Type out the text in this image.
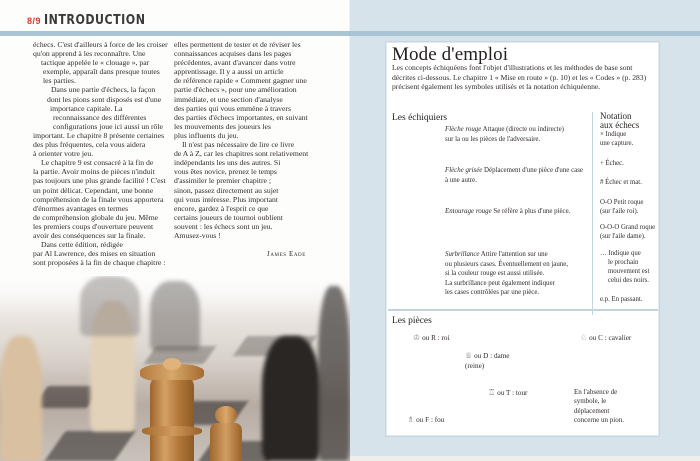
8/9 INTRODUCTION
échecs. C'est d'ailleurs à force de les croiser
qu'on apprend à les reconnaître. Une
tactique appelée le « clouage », par
exemple, apparaît dans presque toutes
les parties.
Dans une partie d'échecs, la façon
dont les pions sont disposés est d'une
importance capitale. La
reconnaissance des différentes
configurations joue ici aussi un rôle
important. Le chapitre 8 présente certaines
des plus fréquentes, cela vous aidera
à orienter votre jeu.
Le chapitre 9 est consacré à la fin de
la partie. Avoir moins de pièces n'induit
pas toujours une plus grande facilité ! C'est
un point délicat. Cependant, une bonne
compréhension de la finale vous apportera
d'énormes avantages en termes
de compréhension globale du jeu. Même
les premiers coups d'ouverture peuvent
avoir des conséquences sur la finale.
Dans cette édition, rédigée
par Al Lawrence, des mises en situation
sont proposées à la fin de chaque chapitre :
elles permettent de tester et de réviser les
connaissances acquises dans les pages
précédentes, avant d'avancer dans votre
apprentissage. Il y a aussi un article
de référence rapide « Comment gagner une
partie d'échecs », pour une amélioration
immédiate, et une section d'analyse
des parties qui vous emmène à travers
des parties d'échecs importantes, en suivant
les mouvements des joueurs les
plus influents du jeu.
Il n'est pas nécessaire de lire ce livre
de A à Z, car les chapitres sont relativement
indépendants les uns des autres. Si
vous êtes novice, prenez le temps
d'assimiler le premier chapitre ;
sinon, passez directement au sujet
qui vous intéresse. Plus important
encore, gardez à l'esprit ce que
certains joueurs de tournoi oublient
souvent : les échecs sont un jeu.
Amusez-vous !
James Eade
Mode d'emploi
Les concepts échiquéens font l'objet d'illustrations et les méthodes de base sont
décrites ci-dessous. Le chapitre 1 « Mise en route » (p. 10) et les « Codes » (p. 283)
précisent également les symboles utilisés et la notation échiquéenne.
Les échiquiers
Flèche rouge Attaque (directe ou indirecte)
sur la ou les pièces de l'adversaire.
Flèche grisée Déplacement d'une pièce d'une case
à une autre.
Entourage rouge Se réfère à plus d'une pièce.
Surbrillance Attire l'attention sur une
ou plusieurs cases. Éventuellement en jaune,
si la couleur rouge est aussi utilisée.
La surbrillance peut également indiquer
les cases contrôlées par une pièce.
Notation
aux échecs
× Indique
une capture.
+ Échec.
# Échec et mat.
O-O Petit roque
(sur l'aile roi).
O-O-O Grand roque
(sur l'aile dame).
… Indique que
le prochain
mouvement est
celui des noirs.
e.p. En passant.
Les pièces
♔ ou R : roi
♕ ou D : dame
(reine)
♘ ou C : cavalier
♖ ou T : tour
♗ ou F : fou
En l'absence de
symbole, le
déplacement
concerne un pion.
